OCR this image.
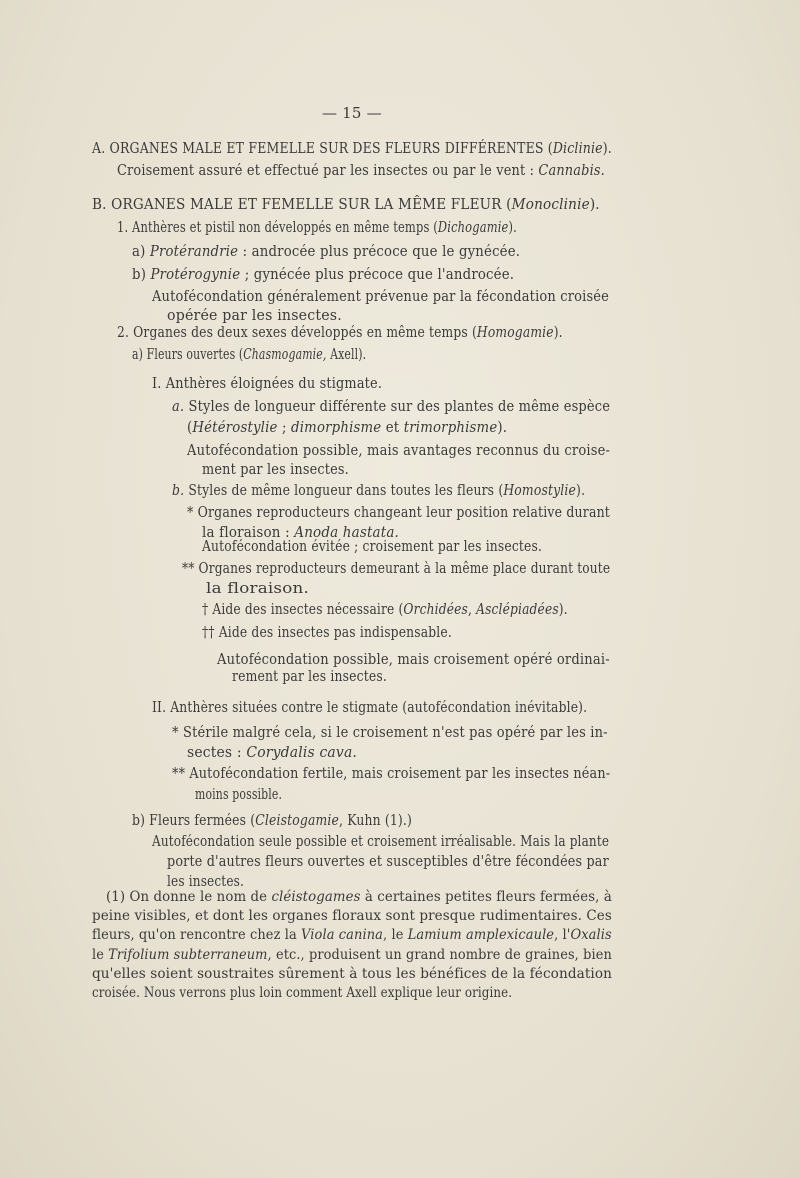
— 15 —
A. ORGANES MALE ET FEMELLE SUR DES FLEURS DIFFÉRENTES (Diclinie).
Croisement assuré et effectué par les insectes ou par le vent : Cannabis.
B. ORGANES MALE ET FEMELLE SUR LA MÊME FLEUR (Monoclinie).
1. Anthères et pistil non développés en même temps (Dichogamie).
a) Protérandrie : androcée plus précoce que le gynécée.
b) Protérogynie ; gynécée plus précoce que l'androcée.
Autofécondation généralement prévenue par la fécondation croisée
opérée par les insectes.
2. Organes des deux sexes développés en même temps (Homogamie).
a) Fleurs ouvertes (Chasmogamie, Axell).
I. Anthères éloignées du stigmate.
a. Styles de longueur différente sur des plantes de même espèce
(Hétérostylie ; dimorphisme et trimorphisme).
Autofécondation possible, mais avantages reconnus du croise-
ment par les insectes.
b. Styles de même longueur dans toutes les fleurs (Homostylie).
* Organes reproducteurs changeant leur position relative durant
la floraison : Anoda hastata.
Autofécondation évitée ; croisement par les insectes.
** Organes reproducteurs demeurant à la même place durant toute
la floraison.
† Aide des insectes nécessaire (Orchidées, Asclépiadées).
†† Aide des insectes pas indispensable.
Autofécondation possible, mais croisement opéré ordinai-
rement par les insectes.
II. Anthères situées contre le stigmate (autofécondation inévitable).
* Stérile malgré cela, si le croisement n'est pas opéré par les in-
sectes : Corydalis cava.
** Autofécondation fertile, mais croisement par les insectes néan-
moins possible.
b) Fleurs fermées (Cleistogamie, Kuhn (1).)
Autofécondation seule possible et croisement irréalisable. Mais la plante
porte d'autres fleurs ouvertes et susceptibles d'être fécondées par
les insectes.
(1) On donne le nom de cléistogames à certaines petites fleurs fermées, à
peine visibles, et dont les organes floraux sont presque rudimentaires. Ces
fleurs, qu'on rencontre chez la Viola canina, le Lamium amplexicaule, l'Oxalis
le Trifolium subterraneum, etc., produisent un grand nombre de graines, bien
qu'elles soient soustraites sûrement à tous les bénéfices de la fécondation
croisée. Nous verrons plus loin comment Axell explique leur origine.
